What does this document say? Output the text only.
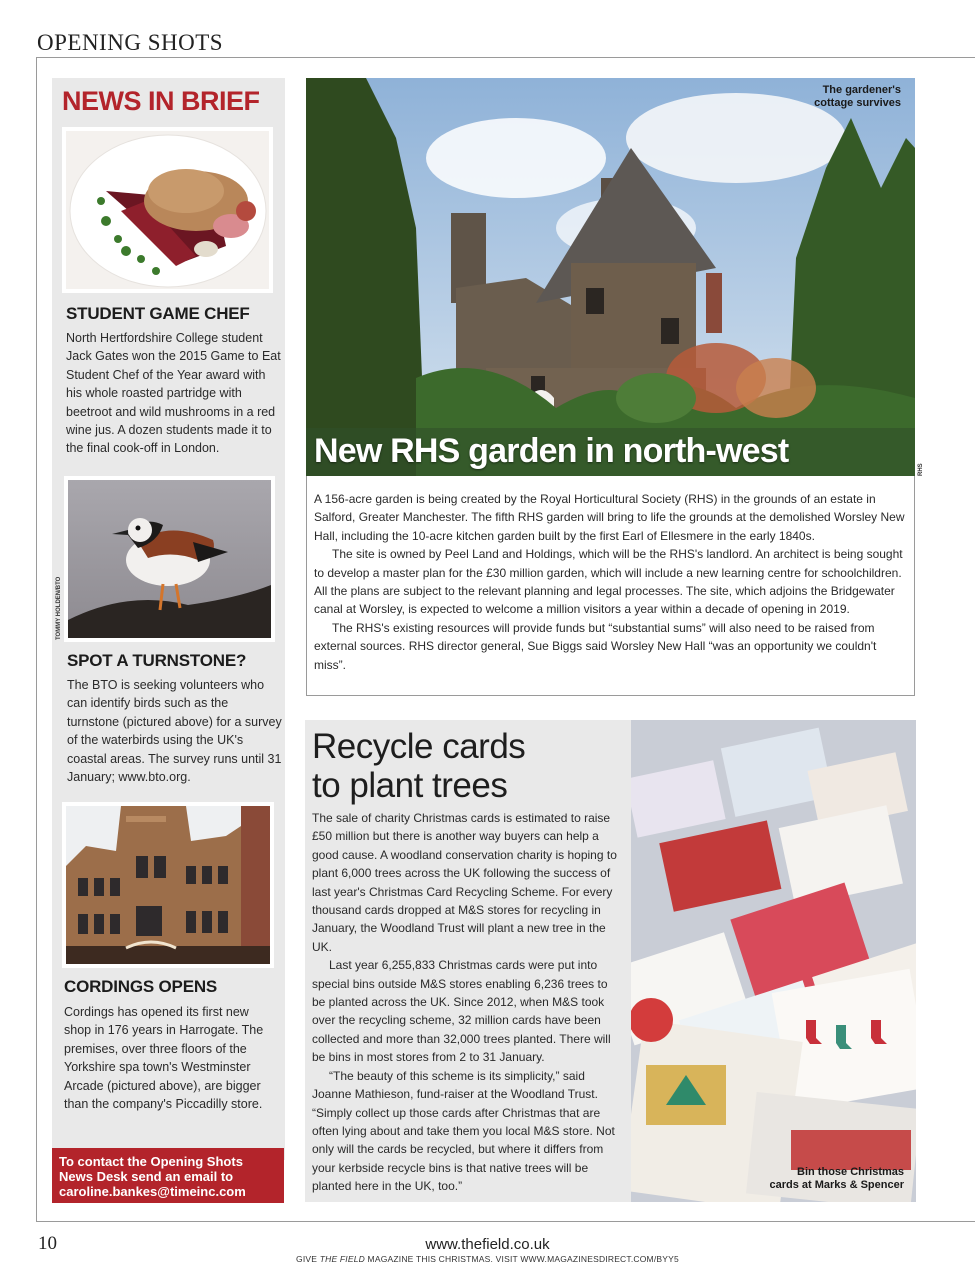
OPENING SHOTS
NEWS IN BRIEF
STUDENT GAME CHEF
North Hertfordshire College student Jack Gates won the 2015 Game to Eat Student Chef of the Year award with his whole roasted partridge with beetroot and wild mushrooms in a red wine jus. A dozen students made it to the final cook-off in London.
TOMMY HOLDEN/BTO
SPOT A TURNSTONE?
The BTO is seeking volunteers who can identify birds such as the turnstone (pictured above) for a survey of the waterbirds using the UK's coastal areas. The survey runs until 31 January; www.bto.org.
CORDINGS OPENS
Cordings has opened its first new shop in 176 years in Harrogate. The premises, over three floors of the Yorkshire spa town's Westminster Arcade (pictured above), are bigger than the company's Piccadilly store.
To contact the Opening Shots News Desk send an email to caroline.bankes@timeinc.com
The gardener's
cottage survives
New RHS garden in north-west	RHS

A 156-acre garden is being created by the Royal Horticultural Society (RHS) in the grounds of an estate in Salford, Greater Manchester. The fifth RHS garden will bring to life the grounds at the demolished Worsley New Hall, including the 10-acre kitchen garden built by the first Earl of Ellesmere in the early 1840s.

The site is owned by Peel Land and Holdings, which will be the RHS's landlord. An architect is being sought to develop a master plan for the £30 million garden, which will include a new learning centre for schoolchildren. All the plans are subject to the relevant planning and legal processes. The site, which adjoins the Bridgewater canal at Worsley, is expected to welcome a million visitors a year within a decade of opening in 2019.

The RHS's existing resources will provide funds but “substantial sums” will also need to be raised from external sources. RHS director general, Sue Biggs said Worsley New Hall “was an opportunity we couldn't miss”.

Recycle cards
to plant trees

The sale of charity Christmas cards is estimated to raise £50 million but there is another way buyers can help a good cause. A woodland conservation charity is hoping to plant 6,000 trees across the UK following the success of last year's Christmas Card Recycling Scheme. For every thousand cards dropped at M&S stores for recycling in January, the Woodland Trust will plant a new tree in the UK.

Last year 6,255,833 Christmas cards were put into special bins outside M&S stores enabling 6,236 trees to be planted across the UK. Since 2012, when M&S took over the recycling scheme, 32 million cards have been collected and more than 32,000 trees planted. There will be bins in most stores from 2 to 31 January.

“The beauty of this scheme is its simplicity,” said Joanne Mathieson, fund-raiser at the Woodland Trust. “Simply collect up those cards after Christmas that are often lying about and take them you local M&S store. Not only will the cards be recycled, but where it differs from your kerbside recycle bins is that native trees will be planted here in the UK, too.”

Bin those Christmas
cards at Marks & Spencer
10	www.thefield.co.uk
GIVE THE FIELD MAGAZINE THIS CHRISTMAS. VISIT WWW.MAGAZINESDIRECT.COM/BYY5
